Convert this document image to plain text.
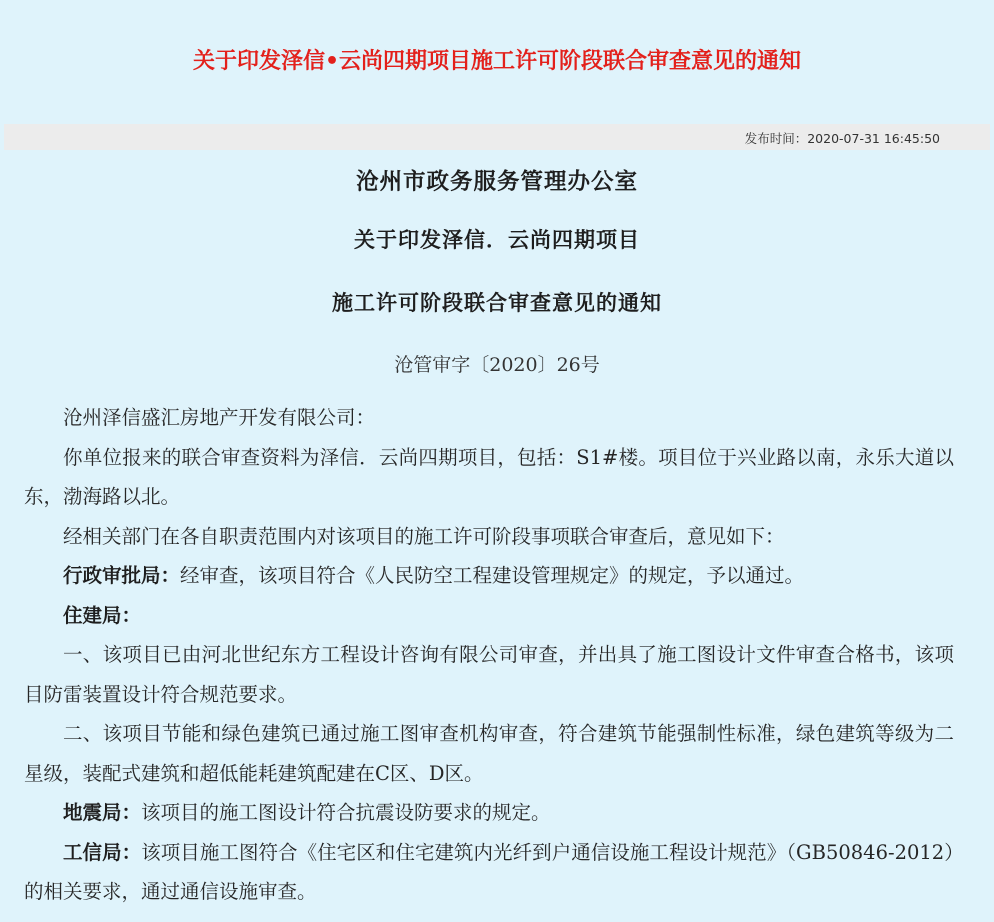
关于印发泽信•云尚四期项目施工许可阶段联合审查意见的通知
发布时间：2020-07-31 16:45:50
沧州市政务服务管理办公室
关于印发泽信．云尚四期项目
施工许可阶段联合审查意见的通知
沧管审字〔2020〕26号

沧州泽信盛汇房地产开发有限公司：

你单位报来的联合审查资料为泽信．云尚四期项目，包括：S1#楼。项目位于兴业路以南，永乐大道以东，渤海路以北。

经相关部门在各自职责范围内对该项目的施工许可阶段事项联合审查后，意见如下：

行政审批局：经审查，该项目符合《人民防空工程建设管理规定》的规定，予以通过。

住建局：

一、该项目已由河北世纪东方工程设计咨询有限公司审查，并出具了施工图设计文件审查合格书，该项目防雷装置设计符合规范要求。

二、该项目节能和绿色建筑已通过施工图审查机构审查，符合建筑节能强制性标准，绿色建筑等级为二星级，装配式建筑和超低能耗建筑配建在C区、D区。

地震局：该项目的施工图设计符合抗震设防要求的规定。

工信局：该项目施工图符合《住宅区和住宅建筑内光纤到户通信设施工程设计规范》（GB50846-2012）的相关要求，通过通信设施审查。
